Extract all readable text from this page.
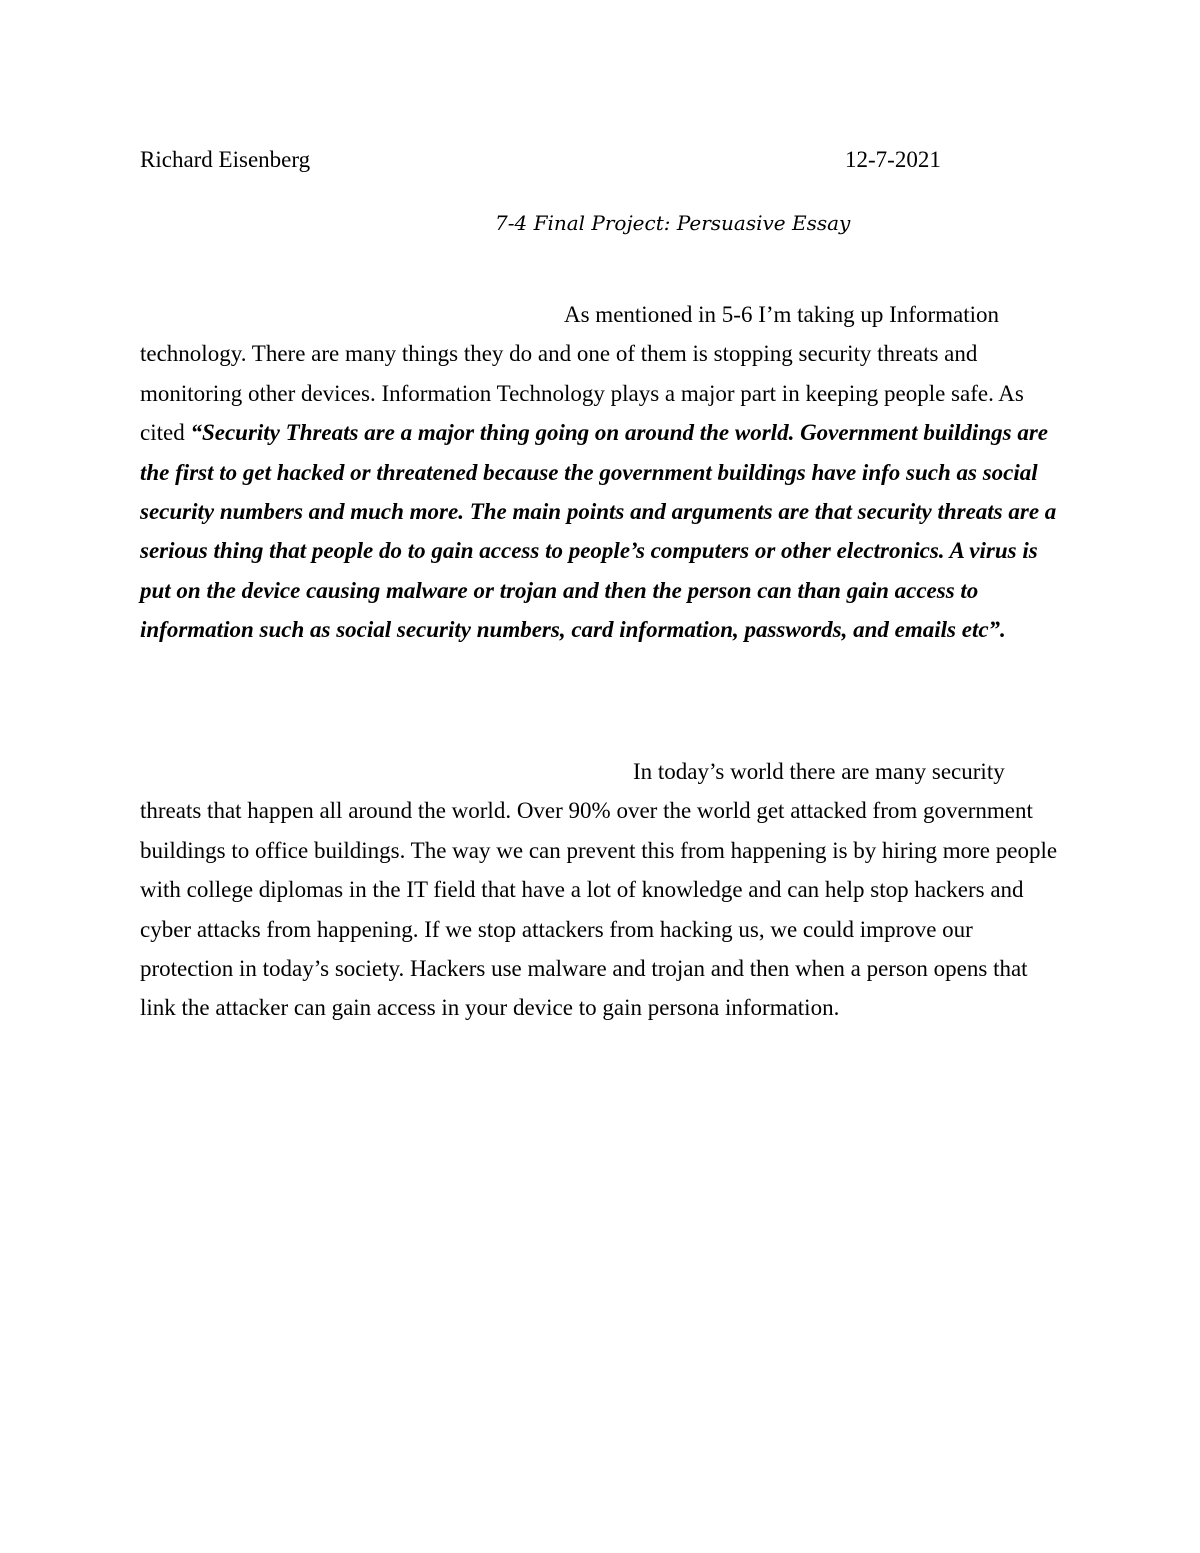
Richard Eisenberg	12-7-2021
7-4 Final Project: Persuasive Essay

As mentioned in 5-6 I’m taking up Information technology. There are many things they do and one of them is stopping security threats and monitoring other devices. Information Technology plays a major part in keeping people safe. As cited “Security Threats are a major thing going on around the world. Government buildings are the first to get hacked or threatened because the government buildings have info such as social security numbers and much more. The main points and arguments are that security threats are a serious thing that people do to gain access to people’s computers or other electronics. A virus is put on the device causing malware or trojan and then the person can than gain access to information such as social security numbers, card information, passwords, and emails etc”.

In today’s world there are many security threats that happen all around the world. Over 90% over the world get attacked from government buildings to office buildings. The way we can prevent this from happening is by hiring more people with college diplomas in the IT field that have a lot of knowledge and can help stop hackers and cyber attacks from happening. If we stop attackers from hacking us, we could improve our protection in today’s society. Hackers use malware and trojan and then when a person opens that link the attacker can gain access in your device to gain persona information.
